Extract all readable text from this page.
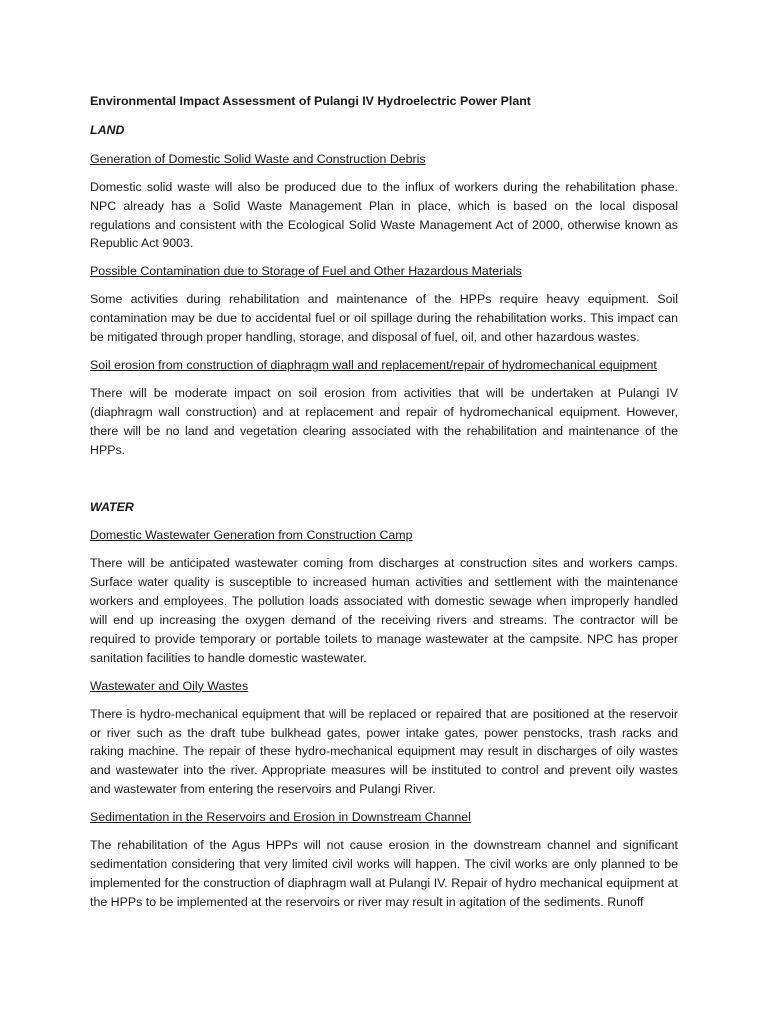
Environmental Impact Assessment of Pulangi IV Hydroelectric Power Plant

LAND

Generation of Domestic Solid Waste and Construction Debris

Domestic solid waste will also be produced due to the influx of workers during the rehabilitation phase. NPC already has a Solid Waste Management Plan in place, which is based on the local disposal regulations and consistent with the Ecological Solid Waste Management Act of 2000, otherwise known as Republic Act 9003.

Possible Contamination due to Storage of Fuel and Other Hazardous Materials

Some activities during rehabilitation and maintenance of the HPPs require heavy equipment. Soil contamination may be due to accidental fuel or oil spillage during the rehabilitation works. This impact can be mitigated through proper handling, storage, and disposal of fuel, oil, and other hazardous wastes.

Soil erosion from construction of diaphragm wall and replacement/repair of hydromechanical equipment

There will be moderate impact on soil erosion from activities that will be undertaken at Pulangi IV (diaphragm wall construction) and at replacement and repair of hydromechanical equipment. However, there will be no land and vegetation clearing associated with the rehabilitation and maintenance of the HPPs.

WATER

Domestic Wastewater Generation from Construction Camp

There will be anticipated wastewater coming from discharges at construction sites and workers camps. Surface water quality is susceptible to increased human activities and settlement with the maintenance workers and employees. The pollution loads associated with domestic sewage when improperly handled will end up increasing the oxygen demand of the receiving rivers and streams. The contractor will be required to provide temporary or portable toilets to manage wastewater at the campsite. NPC has proper sanitation facilities to handle domestic wastewater.

Wastewater and Oily Wastes

There is hydro-mechanical equipment that will be replaced or repaired that are positioned at the reservoir or river such as the draft tube bulkhead gates, power intake gates, power penstocks, trash racks and raking machine. The repair of these hydro-mechanical equipment may result in discharges of oily wastes and wastewater into the river. Appropriate measures will be instituted to control and prevent oily wastes and wastewater from entering the reservoirs and Pulangi River.

Sedimentation in the Reservoirs and Erosion in Downstream Channel

The rehabilitation of the Agus HPPs will not cause erosion in the downstream channel and significant sedimentation considering that very limited civil works will happen. The civil works are only planned to be implemented for the construction of diaphragm wall at Pulangi IV. Repair of hydro mechanical equipment at the HPPs to be implemented at the reservoirs or river may result in agitation of the sediments. Runoff
